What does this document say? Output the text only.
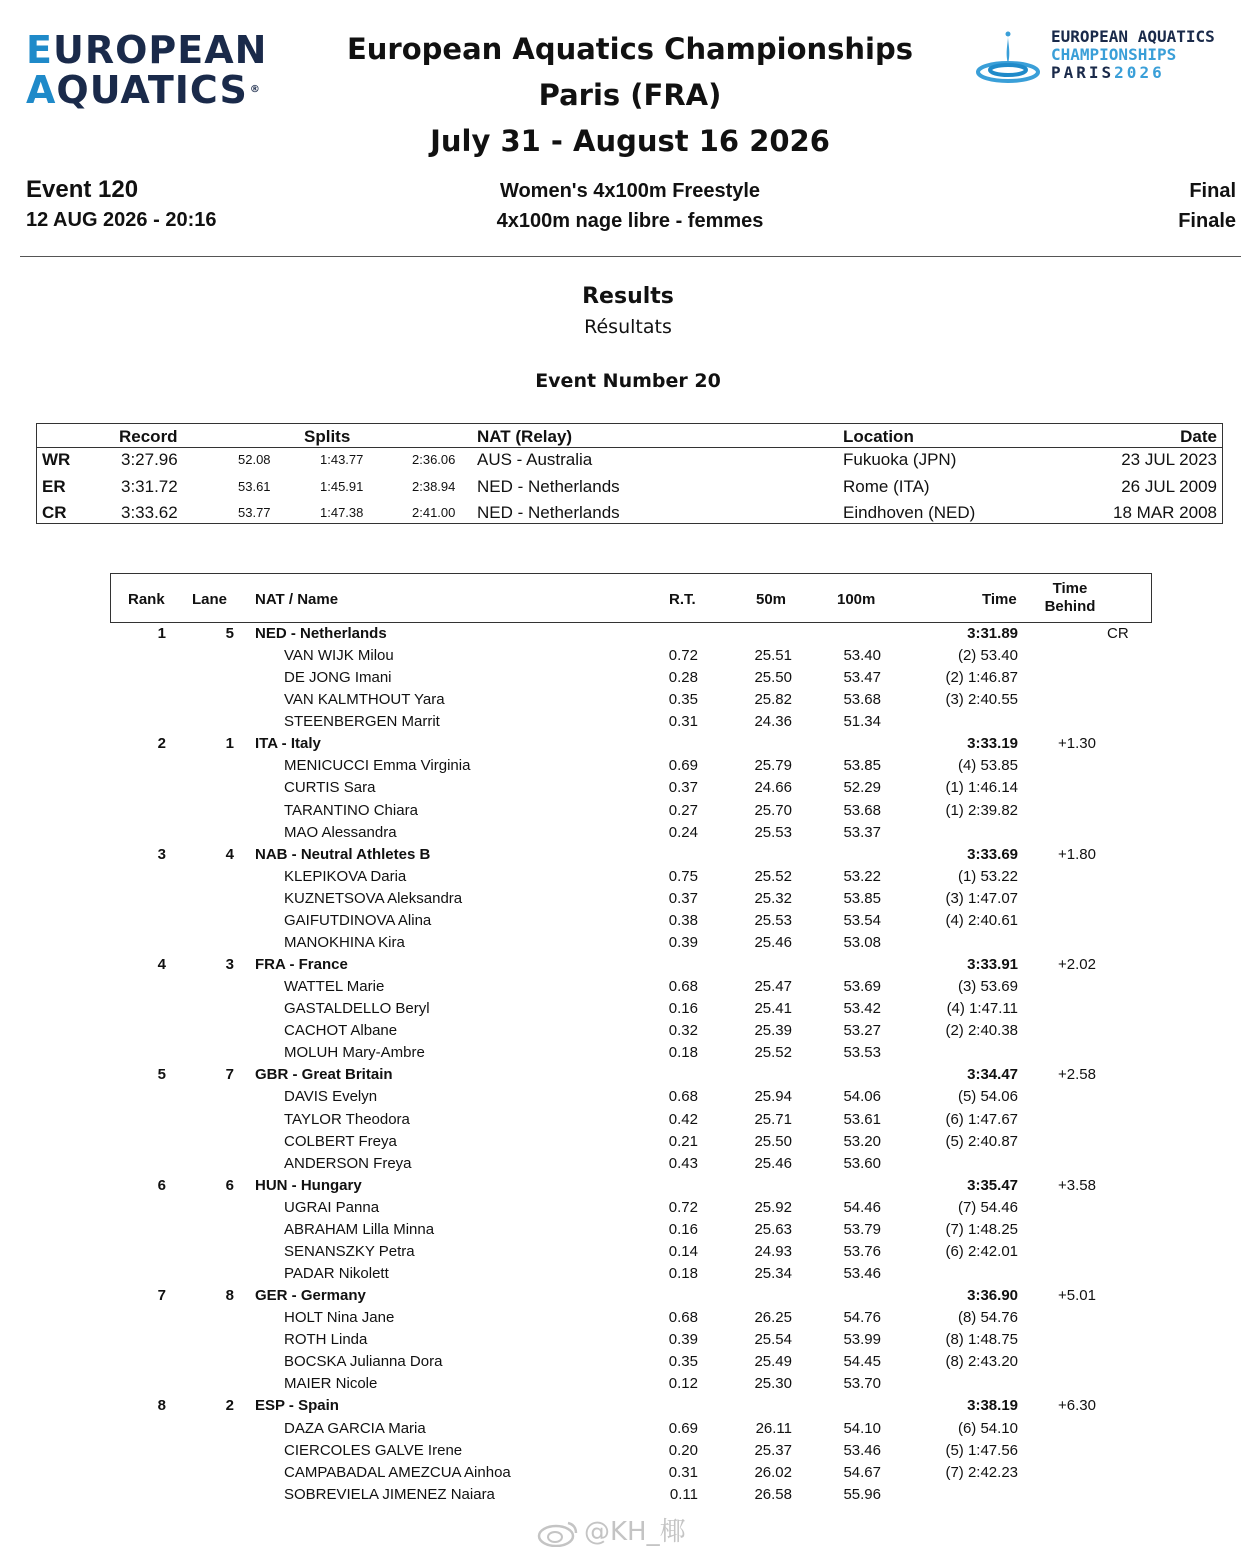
EUROPEAN
AQUATICS ®
European Aquatics Championships
Paris (FRA)
July 31 - August 16 2026
EUROPEAN AQUATICS
CHAMPIONSHIPS
PARIS2026
Event 120
12 AUG 2026 - 20:16
Women's 4x100m Freestyle
4x100m nage libre - femmes
Final
Finale
Results
Résultats
Event Number 20
Record	Splits	NAT (Relay)	Location	Date
WR	3:27.96	52.08	1:43.77	2:36.06 AUS - Australia	Fukuoka (JPN)	23 JUL 2023
ER	3:31.72	53.61	1:45.91	2:38.94 NED - Netherlands	Rome (ITA)	26 JUL 2009
CR	3:33.62	53.77	1:47.38	2:41.00 NED - Netherlands	Eindhoven (NED)	18 MAR 2008
Rank Lane NAT / Name	R.T.	50m	100m	Time
Time
Behind
1	5 NED - Netherlands	3:31.89	CR
VAN WIJK Milou	0.72	25.51	53.40	(2) 53.40
DE JONG Imani	0.28	25.50	53.47	(2) 1:46.87
VAN KALMTHOUT Yara	0.35	25.82	53.68	(3) 2:40.55
STEENBERGEN Marrit	0.31	24.36	51.34
2	1 ITA - Italy	3:33.19	+1.30
MENICUCCI Emma Virginia	0.69	25.79	53.85	(4) 53.85
CURTIS Sara	0.37	24.66	52.29	(1) 1:46.14
TARANTINO Chiara	0.27	25.70	53.68	(1) 2:39.82
MAO Alessandra	0.24	25.53	53.37
3	4 NAB - Neutral Athletes B	3:33.69	+1.80
KLEPIKOVA Daria	0.75	25.52	53.22	(1) 53.22
KUZNETSOVA Aleksandra	0.37	25.32	53.85	(3) 1:47.07
GAIFUTDINOVA Alina	0.38	25.53	53.54	(4) 2:40.61
MANOKHINA Kira	0.39	25.46	53.08
4	3 FRA - France	3:33.91	+2.02
WATTEL Marie	0.68	25.47	53.69	(3) 53.69
GASTALDELLO Beryl	0.16	25.41	53.42	(4) 1:47.11
CACHOT Albane	0.32	25.39	53.27	(2) 2:40.38
MOLUH Mary-Ambre	0.18	25.52	53.53
5	7 GBR - Great Britain	3:34.47	+2.58
DAVIS Evelyn	0.68	25.94	54.06	(5) 54.06
TAYLOR Theodora	0.42	25.71	53.61	(6) 1:47.67
COLBERT Freya	0.21	25.50	53.20	(5) 2:40.87
ANDERSON Freya	0.43	25.46	53.60
6	6 HUN - Hungary	3:35.47	+3.58
UGRAI Panna	0.72	25.92	54.46	(7) 54.46
ABRAHAM Lilla Minna	0.16	25.63	53.79	(7) 1:48.25
SENANSZKY Petra	0.14	24.93	53.76	(6) 2:42.01
PADAR Nikolett	0.18	25.34	53.46
7	8 GER - Germany	3:36.90	+5.01
HOLT Nina Jane	0.68	26.25	54.76	(8) 54.76
ROTH Linda	0.39	25.54	53.99	(8) 1:48.75
BOCSKA Julianna Dora	0.35	25.49	54.45	(8) 2:43.20
MAIER Nicole	0.12	25.30	53.70
8	2 ESP - Spain	3:38.19	+6.30
DAZA GARCIA Maria	0.69	26.11	54.10	(6) 54.10
CIERCOLES GALVE Irene	0.20	25.37	53.46	(5) 1:47.56
CAMPABADAL AMEZCUA Ainhoa	0.31	26.02	54.67	(7) 2:42.23
SOBREVIELA JIMENEZ Naiara	0.11	26.58	55.96
@KH_椰
